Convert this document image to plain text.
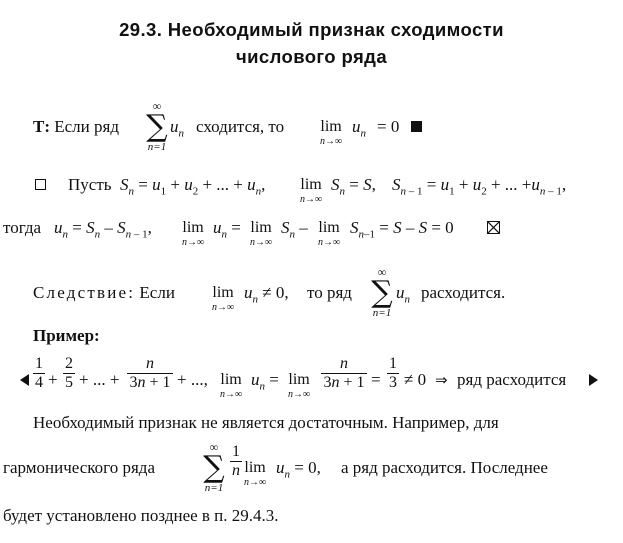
29.3. Необходимый признак сходимости
числового ряда
Т: Если ряд
∞
∑
n=1
$u_n$ сходится, то lim
n→∞
$u_n = 0$
Пусть $S_n = u_1 + u_2$ + ... + $u_n$, lim
n→∞
$S_n = S$, $S_{n - 1} = u_1 + u_2$ + ... $+u_{n - 1}$,
тогда $u_n = S_n - S_{n - 1}$, lim
n→∞
$u_n = \lim$
n→∞
$S_n$ – lim
n→∞
$S_{n-1} = S - S = 0$
Следствие: Если lim
n→∞
$u_n \ne 0$, то ряд
∞
∑
n=1
$u_n$ расходится.
Пример:
1
4 +
2
5 + ... +
n
3n + 1 + ..., lim
n→∞
$u_n = \lim$
n→∞
n
3n + 1 =
1
3 ≠ 0 ⇒ ряд расходится
Необходимый признак не является достаточным. Например, для
гармонического ряда
∞
∑
n=1
1
n lim
n→∞
$u_n = 0$, а ряд расходится. Последнее
будет установлено позднее в п. 29.4.3.
